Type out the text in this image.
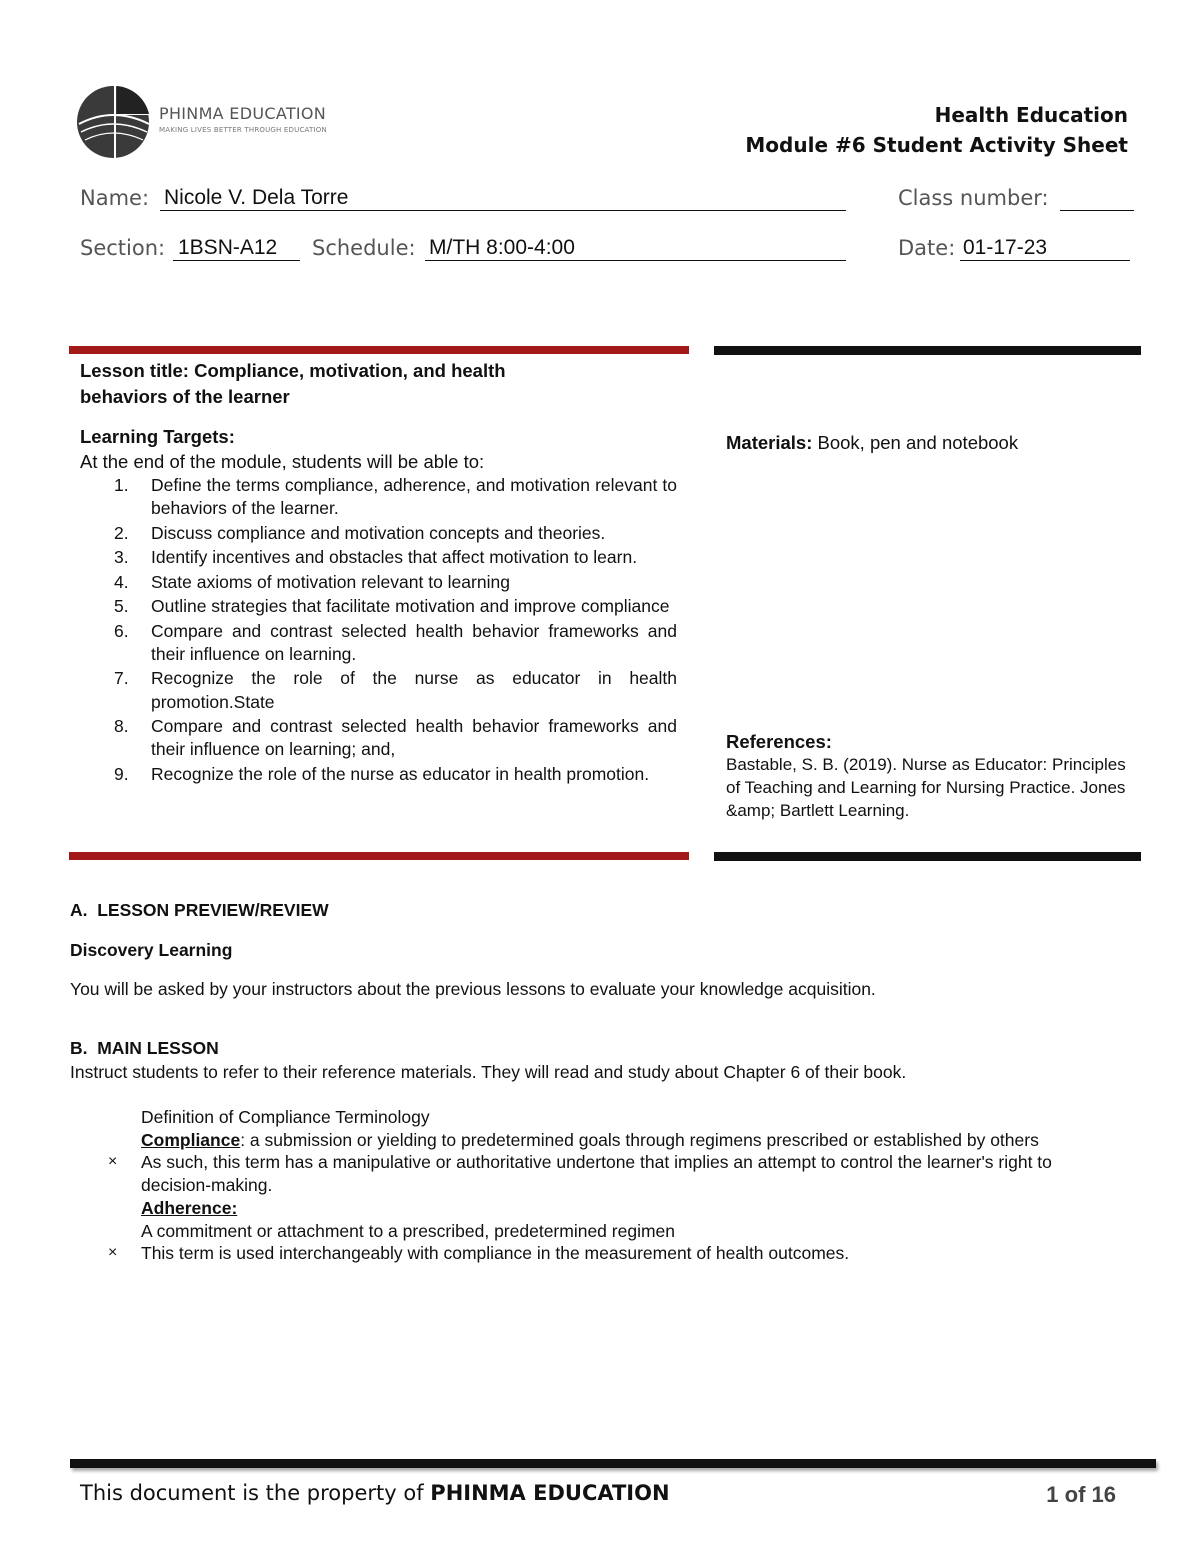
PHINMA EDUCATION
MAKING LIVES BETTER THROUGH EDUCATION
Health Education
Module #6 Student Activity Sheet
Name: Nicole V. Dela Torre	Class number:
Section: 1BSN-A12	Schedule: M/TH 8:00-4:00	Date: 01-17-23
Lesson title: Compliance, motivation, and health
behaviors of the learner
Learning Targets:
At the end of the module, students will be able to:
1. Define the terms compliance, adherence, and motivation relevant to behaviors of the learner.
2. Discuss compliance and motivation concepts and theories.
3. Identify incentives and obstacles that affect motivation to learn.
4. State axioms of motivation relevant to learning
5. Outline strategies that facilitate motivation and improve compliance
6. Compare and contrast selected health behavior frameworks and their influence on learning.
7. Recognize the role of the nurse as educator in health promotion.State
8. Compare and contrast selected health behavior frameworks and their influence on learning; and,
9. Recognize the role of the nurse as educator in health promotion.
Materials: Book, pen and notebook
References:
Bastable, S. B. (2019). Nurse as Educator: Principles of Teaching and Learning for Nursing Practice. Jones &amp; Bartlett Learning.
A.  LESSON PREVIEW/REVIEW
Discovery Learning
You will be asked by your instructors about the previous lessons to evaluate your knowledge acquisition.
B.  MAIN LESSON
Instruct students to refer to their reference materials. They will read and study about Chapter 6 of their book.
Definition of Compliance Terminology
Compliance: a submission or yielding to predetermined goals through regimens prescribed or established by others
× As such, this term has a manipulative or authoritative undertone that implies an attempt to control the learner's right to decision-making.
Adherence:
A commitment or attachment to a prescribed, predetermined regimen
× This term is used interchangeably with compliance in the measurement of health outcomes.
This document is the property of PHINMA EDUCATION	1 of 16
